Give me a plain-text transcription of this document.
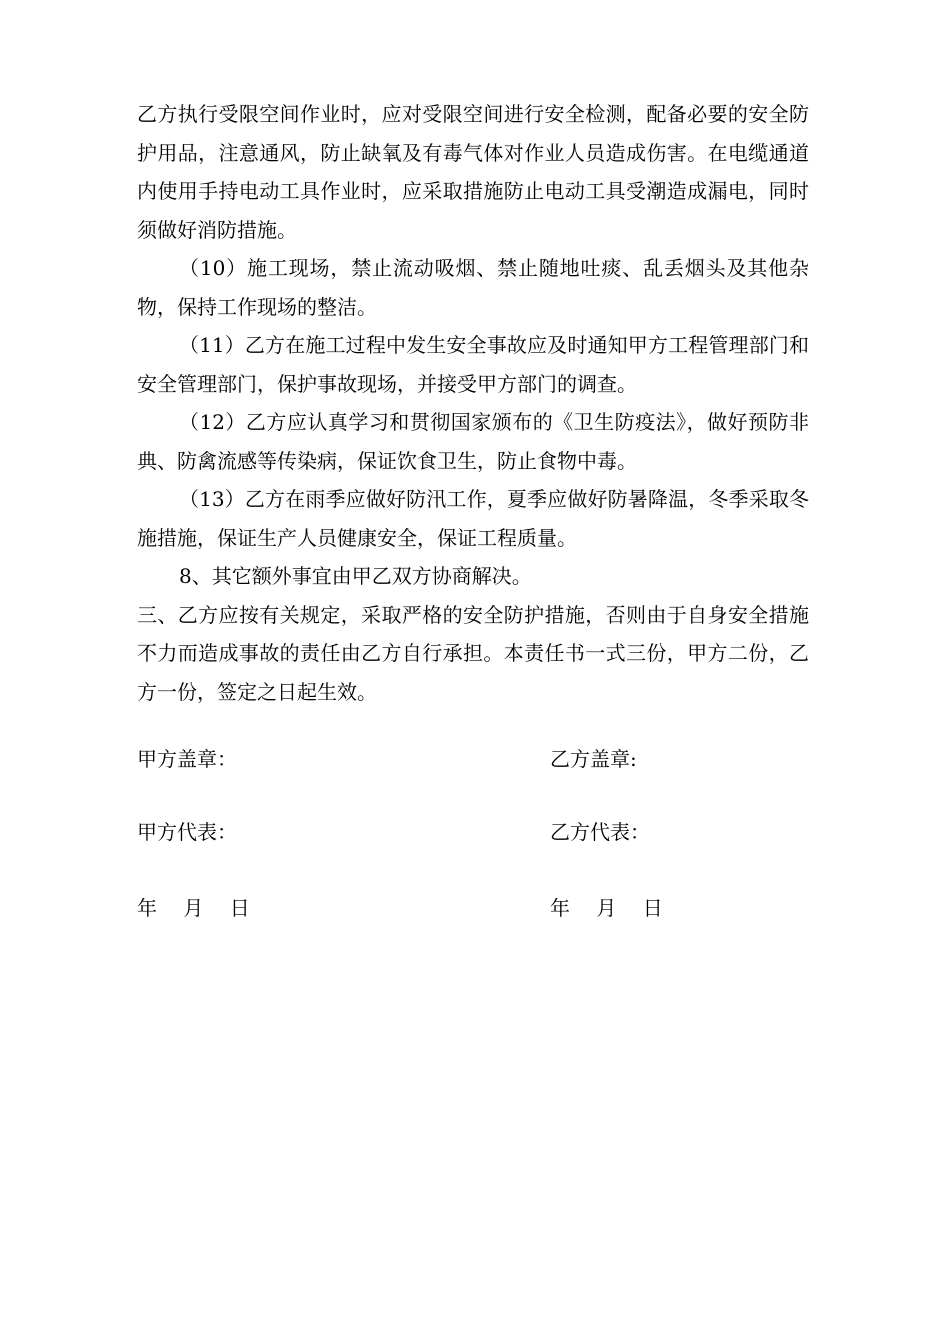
乙方执行受限空间作业时，应对受限空间进行安全检测，配备必要的安全防护用品，注意通风，防止缺氧及有毒气体对作业人员造成伤害。在电缆通道内使用手持电动工具作业时，应采取措施防止电动工具受潮造成漏电，同时须做好消防措施。

（10）施工现场，禁止流动吸烟、禁止随地吐痰、乱丢烟头及其他杂物，保持工作现场的整洁。

（11）乙方在施工过程中发生安全事故应及时通知甲方工程管理部门和安全管理部门，保护事故现场，并接受甲方部门的调查。

（12）乙方应认真学习和贯彻国家颁布的《卫生防疫法》，做好预防非典、防禽流感等传染病，保证饮食卫生，防止食物中毒。

（13）乙方在雨季应做好防汛工作，夏季应做好防暑降温，冬季采取冬施措施，保证生产人员健康安全，保证工程质量。

8、其它额外事宜由甲乙双方协商解决。

三、乙方应按有关规定，采取严格的安全防护措施，否则由于自身安全措施不力而造成事故的责任由乙方自行承担。本责任书一式三份，甲方二份，乙方一份，签定之日起生效。

甲方盖章：	乙方盖章:
甲方代表：	乙方代表：
年　 月　 日	年　 月　 日
